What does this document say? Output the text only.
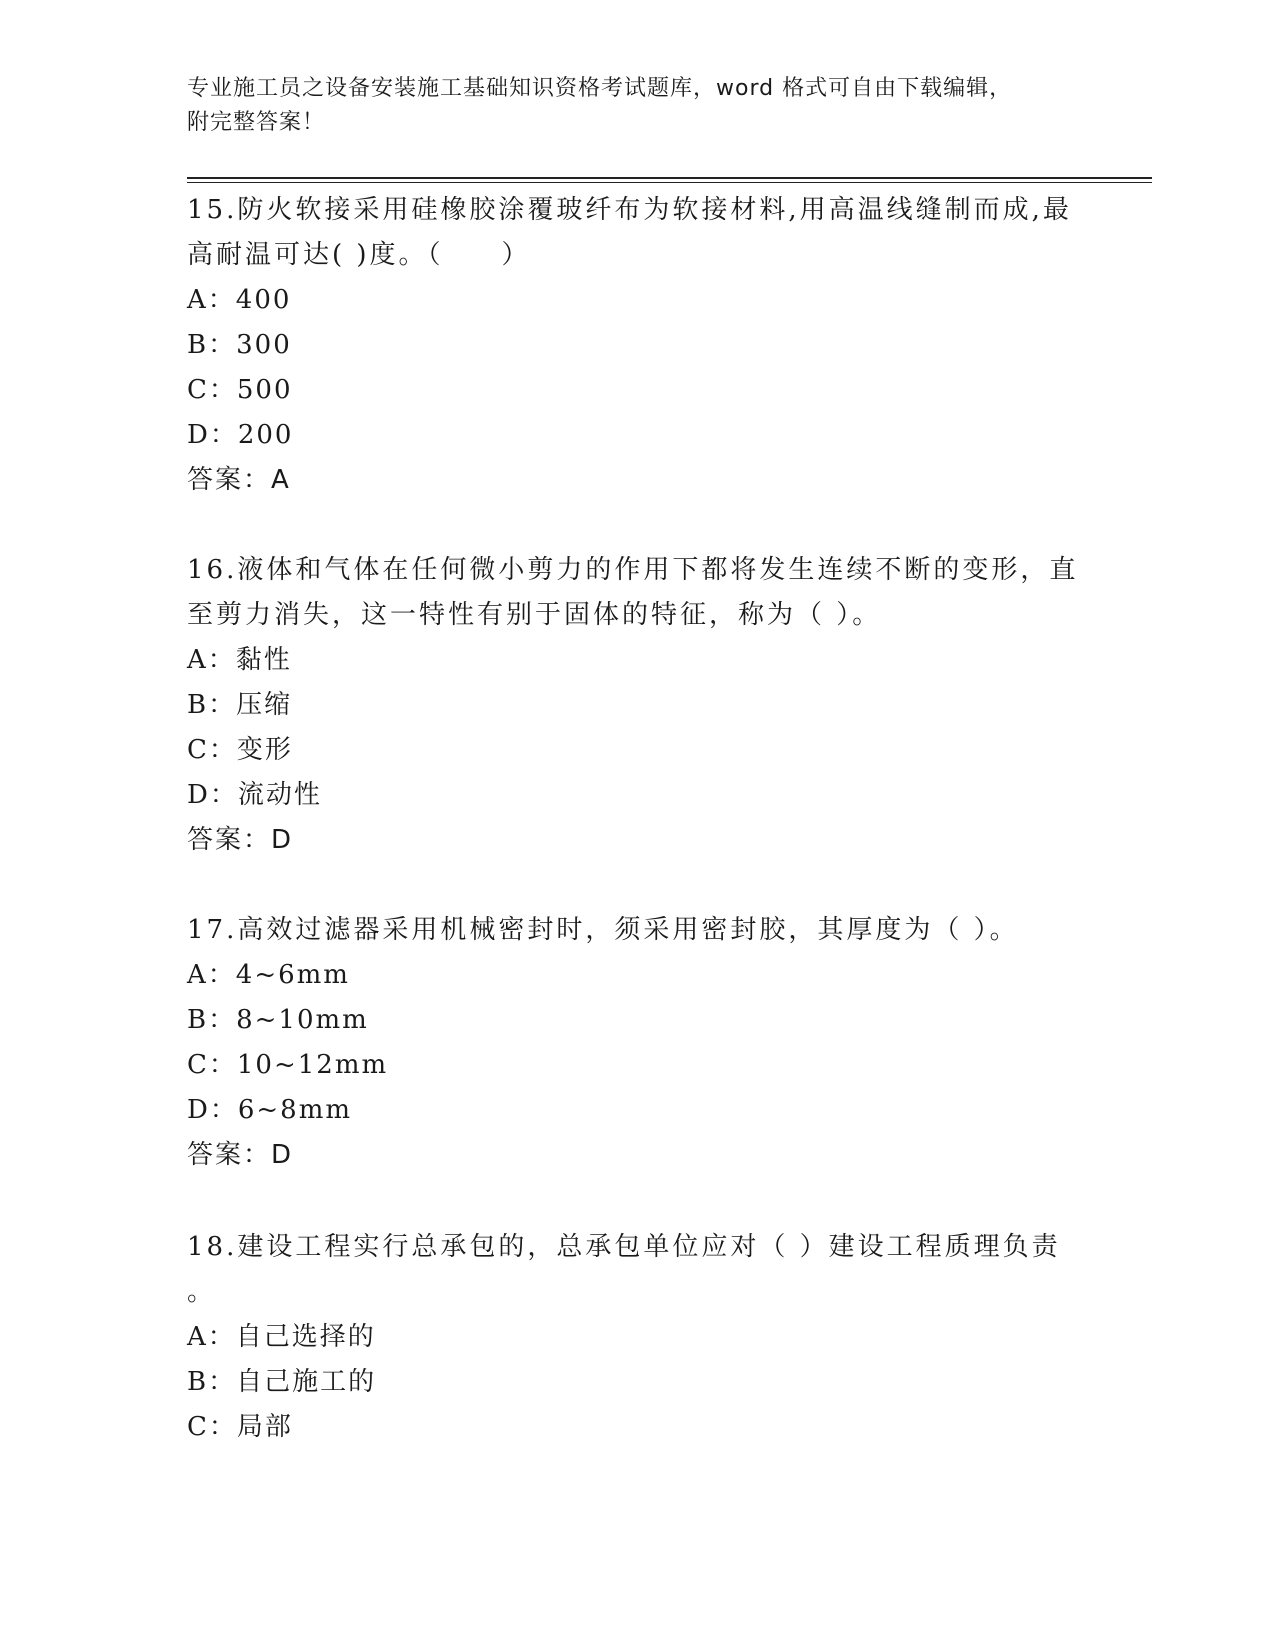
专业施工员之设备安装施工基础知识资格考试题库，word 格式可自由下载编辑，
附完整答案！

15.防火软接采用硅橡胶涂覆玻纤布为软接材料,用高温线缝制而成,最

高耐温可达( )度。（　　）

A：400

B：300

C：500

D：200

答案：A

16.液体和气体在任何微小剪力的作用下都将发生连续不断的变形，直

至剪力消失，这一特性有别于固体的特征，称为（ ）。

A：黏性

B：压缩

C：变形

D：流动性

答案：D

17.高效过滤器采用机械密封时，须采用密封胶，其厚度为（ ）。

A：4~6mm

B：8~10mm

C：10~12mm

D：6~8mm

答案：D

18.建设工程实行总承包的，总承包单位应对（ ）建设工程质理负责

。

A：自己选择的

B：自己施工的

C：局部
